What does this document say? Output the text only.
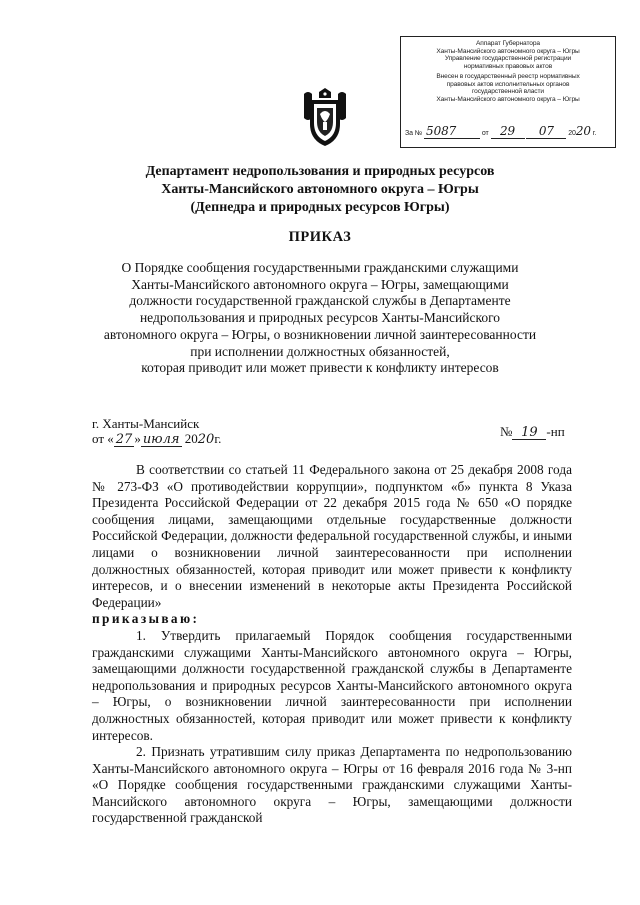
Аппарат Губернатора
Ханты-Мансийского автономного округа – Югры
Управление государственной регистрации
нормативных правовых актов
Внесен в государственный реестр нормативных
правовых актов исполнительных органов
государственной власти
Ханты-Мансийского автономного округа – Югры
За № 5087	от 29 07 2020 г.
Департамент недропользования и природных ресурсов
Ханты-Мансийского автономного округа – Югры
(Депнедра и природных ресурсов Югры)
ПРИКАЗ
О Порядке сообщения государственными гражданскими служащими
Ханты-Мансийского автономного округа – Югры, замещающими
должности государственной гражданской службы в Департаменте
недропользования и природных ресурсов Ханты-Мансийского
автономного округа – Югры, о возникновении личной заинтересованности
при исполнении должностных обязанностей,
которая приводит или может привести к конфликту интересов
г. Ханты-Мансийск
от « 27 » июля 2020г.	№ 19 -нп

В соответствии со статьей 11 Федерального закона от 25 декабря 2008 года № 273-ФЗ «О противодействии коррупции», подпунктом «б» пункта 8 Указа Президента Российской Федерации от 22 декабря 2015 года № 650 «О порядке сообщения лицами, замещающими отдельные государственные должности Российской Федерации, должности федеральной государственной службы, и иными лицами о возникновении личной заинтересованности при исполнении должностных обязанностей, которая приводит или может привести к конфликту интересов, и о внесении изменений в некоторые акты Президента Российской Федерации»

приказываю:

1. Утвердить прилагаемый Порядок сообщения государственными гражданскими служащими Ханты-Мансийского автономного округа – Югры, замещающими должности государственной гражданской службы в Департаменте недропользования и природных ресурсов Ханты-Мансийского автономного округа – Югры, о возникновении личной заинтересованности при исполнении должностных обязанностей, которая приводит или может привести к конфликту интересов.

2. Признать утратившим силу приказ Департамента по недропользованию Ханты-Мансийского автономного округа – Югры от 16 февраля 2016 года № 3-нп «О Порядке сообщения государственными гражданскими служащими Ханты-Мансийского автономного округа – Югры, замещающими должности государственной гражданской
